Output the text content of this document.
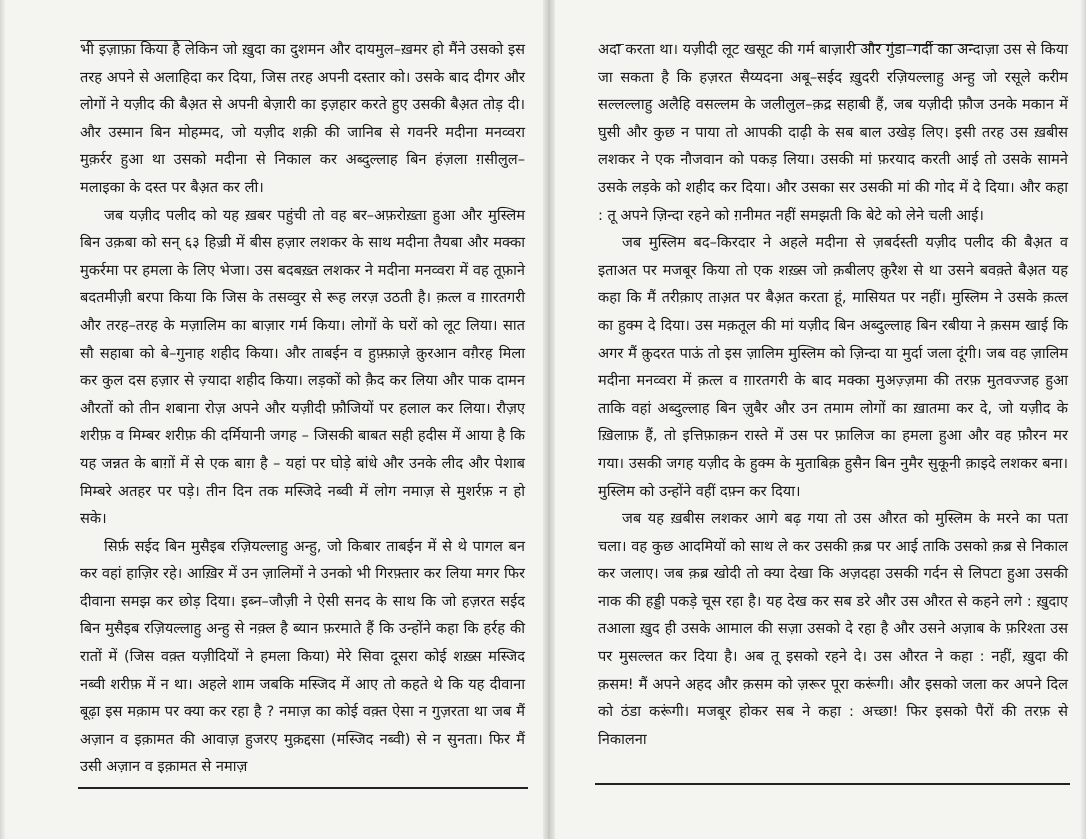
भी इज़ाफ़ा किया है लेकिन जो ख़ुदा का दुशमन और दायमुल–ख़मर हो मैंने उसको इस तरह अपने से अलाहिदा कर दिया, जिस तरह अपनी दस्तार को। उसके बाद दीगर और लोगों ने यज़ीद की बैअ़त से अपनी बेज़ारी का इज़हार करते हुए उसकी बैअ़त तोड़ दी। और उस्मान बिन मोहम्मद, जो यज़ीद शक़ी की जानिब से गवर्नरे मदीना मनव्वरा मुक़र्रर हुआ था उसको मदीना से निकाल कर अब्दुल्लाह बिन हंज़ला ग़सीलुल–मलाइका के दस्त पर बैअ़त कर ली।

जब यज़ीद पलीद को यह ख़बर पहुंची तो वह बर–अफ़रोख़्ता हुआ और मुस्लिम बिन उक़बा को सन् ६३ हिज़्री में बीस हज़ार लशकर के साथ मदीना तैयबा और मक्का मुकर्रमा पर हमला के लिए भेजा। उस बदबख़्त लशकर ने मदीना मनव्वरा में वह तूफ़ाने बदतमीज़ी बरपा किया कि जिस के तसव्वुर से रूह लरज़ उठती है। क़त्ल व ग़ारतगरी और तरह–तरह के मज़ालिम का बाज़ार गर्म किया। लोगों के घरों को लूट लिया। सात सौ सहाबा को बे–गुनाह शहीद किया। और ताबईन व हुफ़्फ़ाज़े क़ुरआन वग़ैरह मिला कर कुल दस हज़ार से ज़्यादा शहीद किया। लड़कों को क़ैद कर लिया और पाक दामन औरतों को तीन शबाना रोज़ अपने और यज़ीदी फ़ौजियों पर हलाल कर लिया। रौज़ए शरीफ़ व मिम्बर शरीफ़ की दर्मियानी जगह – जिसकी बाबत सही हदीस में आया है कि यह जन्नत के बाग़ों में से एक बाग़ है – यहां पर घोड़े बांधे और उनके लीद और पेशाब मिम्बरे अतहर पर पड़े। तीन दिन तक मस्जिदे नब्वी में लोग नमाज़ से मुशर्रफ़ न हो सके।

सिर्फ़ सईद बिन मुसैइब रज़ियल्लाहु अन्हु, जो किबार ताबईन में से थे पागल बन कर वहां हाज़िर रहे। आख़िर में उन ज़ालिमों ने उनको भी गिरफ़्तार कर लिया मगर फिर दीवाना समझ कर छोड़ दिया। इब्न–जौज़ी ने ऐसी सनद के साथ कि जो हज़रत सईद बिन मुसैइब रज़ियल्लाहु अन्हु से नक़्ल है ब्यान फ़रमाते हैं कि उन्होंने कहा कि हर्रह की रातों में (जिस वक़्त यज़ीदियों ने हमला किया) मेरे सिवा दूसरा कोई शख़्स मस्जिद नब्वी शरीफ़ में न था। अहले शाम जबकि मस्जिद में आए तो कहते थे कि यह दीवाना बूढ़ा इस मक़ाम पर क्या कर रहा है ? नमाज़ का कोई वक़्त ऐसा न गुज़रता था जब मैं अज़ान व इक़ामत की आवाज़ हुजरए मुक़द्दसा (मस्जिद नब्वी) से न सुनता। फिर मैं उसी अज़ान व इक़ामत से नमाज़

अदा करता था। यज़ीदी लूट खसूट की गर्म बाज़ारी और गुंडा–गर्दी का अन्दाज़ा उस से किया जा सकता है कि हज़रत सैय्यदना अबू–सईद ख़ुदरी रज़ियल्लाहु अन्हु जो रसूले करीम सल्लल्लाहु अलैहि वसल्लम के जलीलुल–क़द्र सहाबी हैं, जब यज़ीदी फ़ौज उनके मकान में घुसी और कुछ न पाया तो आपकी दाढ़ी के सब बाल उखेड़ लिए। इसी तरह उस ख़बीस लशकर ने एक नौजवान को पकड़ लिया। उसकी मां फ़रयाद करती आई तो उसके सामने उसके लड़के को शहीद कर दिया। और उसका सर उसकी मां की गोद में दे दिया। और कहा : तू अपने ज़िन्दा रहने को ग़नीमत नहीं समझती कि बेटे को लेने चली आई।

जब मुस्लिम बद–किरदार ने अहले मदीना से ज़बर्दस्ती यज़ीद पलीद की बैअ़त व इताअत पर मजबूर किया तो एक शख़्स जो क़बीलए क़ुरैश से था उसने बवक़्ते बैअ़त यह कहा कि मैं तरीक़ाए ताअ़त पर बैअ़त करता हूं, मासियत पर नहीं। मुस्लिम ने उसके क़त्ल का हुक्म दे दिया। उस मक़तूल की मां यज़ीद बिन अब्दुल्लाह बिन रबीया ने क़सम खाई कि अगर मैं क़ुदरत पाऊं तो इस ज़ालिम मुस्लिम को ज़िन्दा या मुर्दा जला दूंगी। जब वह ज़ालिम मदीना मनव्वरा में क़त्ल व ग़ारतगरी के बाद मक्का मुअज़्ज़मा की तरफ़ मुतवज्जह हुआ ताकि वहां अब्दुल्लाह बिन ज़ुबैर और उन तमाम लोगों का ख़ातमा कर दे, जो यज़ीद के ख़िलाफ़ हैं, तो इत्तिफ़ाक़न रास्ते में उस पर फ़ालिज का हमला हुआ और वह फ़ौरन मर गया। उसकी जगह यज़ीद के हुक्म के मुताबिक़ हुसैन बिन नुमैर सुकूनी क़ाइदे लशकर बना। मुस्लिम को उन्होंने वहीं दफ़्न कर दिया।

जब यह ख़बीस लशकर आगे बढ़ गया तो उस औरत को मुस्लिम के मरने का पता चला। वह कुछ आदमियों को साथ ले कर उसकी क़ब्र पर आई ताकि उसको क़ब्र से निकाल कर जलाए। जब क़ब्र खोदी तो क्या देखा कि अज़दहा उसकी गर्दन से लिपटा हुआ उसकी नाक की हड्डी पकड़े चूस रहा है। यह देख कर सब डरे और उस औरत से कहने लगे : ख़ुदाए तआला ख़ुद ही उसके आमाल की सज़ा उसको दे रहा है और उसने अज़ाब के फ़रिश्ता उस पर मुसल्लत कर दिया है। अब तू इसको रहने दे। उस औरत ने कहा : नहीं, ख़ुदा की क़सम! मैं अपने अहद और क़सम को ज़रूर पूरा करूंगी। और इसको जला कर अपने दिल को ठंडा करूंगी। मजबूर होकर सब ने कहा : अच्छा! फिर इसको पैरों की तरफ़ से निकालना
